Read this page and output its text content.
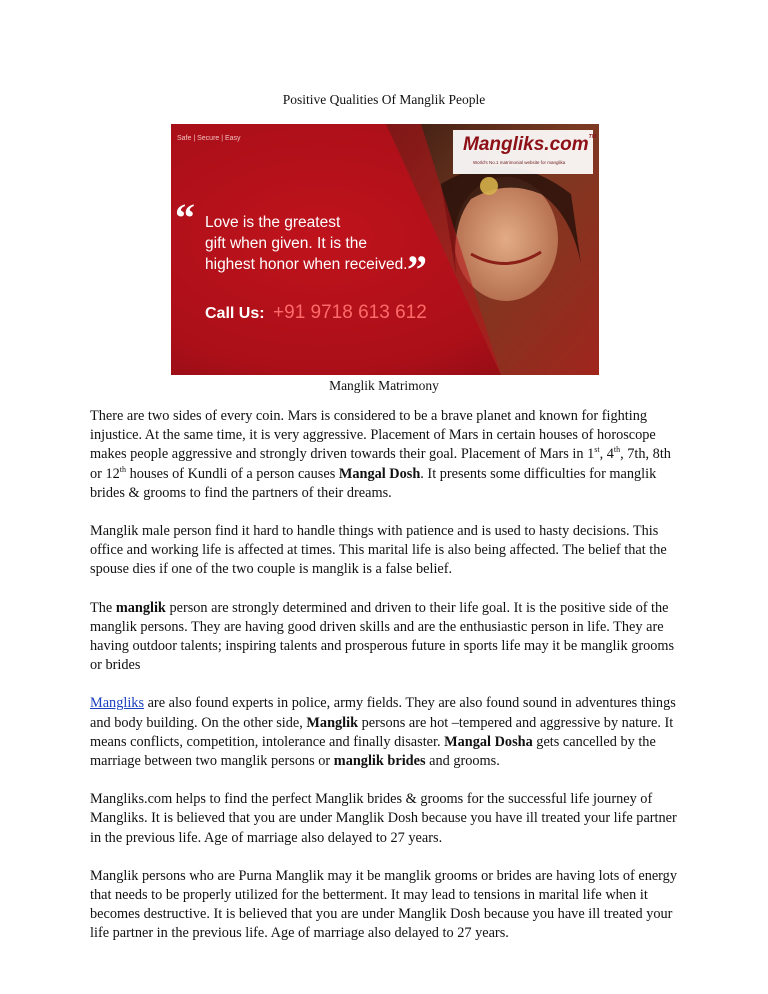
Positive Qualities Of Manglik People
Safe | Secure | Easy	Mangliks.com™
World's No.1 matrimonial website for manglika
“ Love is the greatest
gift when given. It is the
highest honor when received. ”
Call Us: +91 9718 613 612
Manglik Matrimony

There are two sides of every coin. Mars is considered to be a brave planet and known for fighting injustice. At the same time, it is very aggressive. Placement of Mars in certain houses of horoscope makes people aggressive and strongly driven towards their goal. Placement of Mars in 1st, 4th, 7th, 8th or 12th houses of Kundli of a person causes Mangal Dosh. It presents some difficulties for manglik brides & grooms to find the partners of their dreams.

Manglik male person find it hard to handle things with patience and is used to hasty decisions. This office and working life is affected at times. This marital life is also being affected. The belief that the spouse dies if one of the two couple is manglik is a false belief.

The manglik person are strongly determined and driven to their life goal. It is the positive side of the manglik persons. They are having good driven skills and are the enthusiastic person in life. They are having outdoor talents; inspiring talents and prosperous future in sports life may it be manglik grooms or brides

Mangliks are also found experts in police, army fields. They are also found sound in adventures things and body building. On the other side, Manglik persons are hot –tempered and aggressive by nature. It means conflicts, competition, intolerance and finally disaster. Mangal Dosha gets cancelled by the marriage between two manglik persons or manglik brides and grooms.

Mangliks.com helps to find the perfect Manglik brides & grooms for the successful life journey of Mangliks. It is believed that you are under Manglik Dosh because you have ill treated your life partner in the previous life. Age of marriage also delayed to 27 years.

Manglik persons who are Purna Manglik may it be manglik grooms or brides are having lots of energy that needs to be properly utilized for the betterment. It may lead to tensions in marital life when it becomes destructive. It is believed that you are under Manglik Dosh because you have ill treated your life partner in the previous life. Age of marriage also delayed to 27 years.
